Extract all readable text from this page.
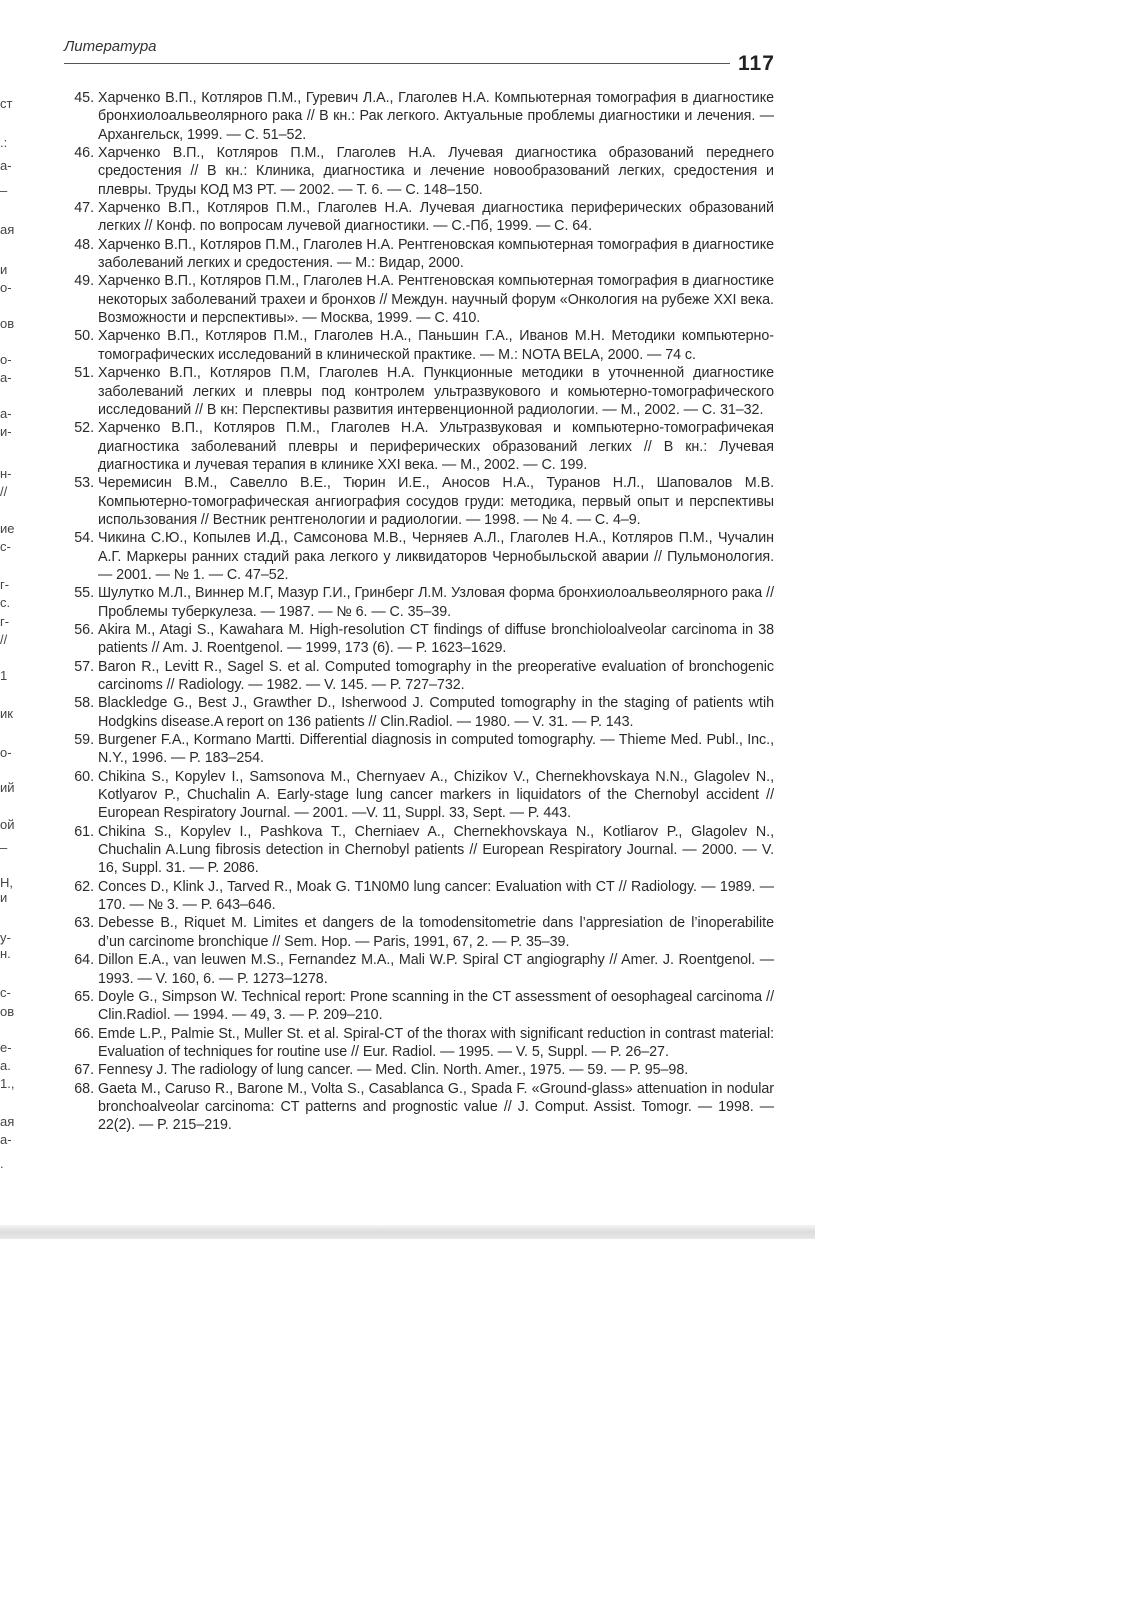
Литература
117
ст
.:
а-
–
ая
и
о-
ов
о-
а-
а-
и-
н-
//
ие
с-
г-
с.
г-
//
1
ик
о-
ий
ой
–
Н,
и
у-
н.
с-
ов
е-
а.
1.,
ая
а-
.
45. Харченко В.П., Котляров П.М., Гуревич Л.А., Глаголев Н.А. Компьютерная томография в диагностике бронхиолоальвеолярного рака // В кн.: Рак легкого. Актуальные проблемы диагностики и лечения. — Архангельск, 1999. — С. 51–52.
46. Харченко В.П., Котляров П.М., Глаголев Н.А. Лучевая диагностика образований переднего средостения // В кн.: Клиника, диагностика и лечение новообразований легких, средостения и плевры. Труды КОД МЗ РТ. — 2002. — Т. 6. — С. 148–150.
47. Харченко В.П., Котляров П.М., Глаголев Н.А. Лучевая диагностика периферических образований легких // Конф. по вопросам лучевой диагностики. — С.-Пб, 1999. — С. 64.
48. Харченко В.П., Котляров П.М., Глаголев Н.А. Рентгеновская компьютерная томография в диагностике заболеваний легких и средостения. — М.: Видар, 2000.
49. Харченко В.П., Котляров П.М., Глаголев Н.А. Рентгеновская компьютерная томография в диагностике некоторых заболеваний трахеи и бронхов // Междун. научный форум «Онкология на рубеже XXI века. Возможности и перспективы». — Москва, 1999. — С. 410.
50. Харченко В.П., Котляров П.М., Глаголев Н.А., Паньшин Г.А., Иванов М.Н. Методики компьютерно-томографических исследований в клинической практике. — М.: NOTA BELA, 2000. — 74 с.
51. Харченко В.П., Котляров П.М, Глаголев Н.А. Пункционные методики в уточненной диагностике заболеваний легких и плевры под контролем ультразвукового и комьютерно-томографического исследований // В кн: Перспективы развития интервенционной радиологии. — М., 2002. — С. 31–32.
52. Харченко В.П., Котляров П.М., Глаголев Н.А. Ультразвуковая и компьютерно-томографичекая диагностика заболеваний плевры и периферических образований легких // В кн.: Лучевая диагностика и лучевая терапия в клинике XXI века. — М., 2002. — С. 199.
53. Черемисин В.М., Савелло В.Е., Тюрин И.Е., Аносов Н.А., Туранов Н.Л., Шаповалов М.В. Компьютерно-томографическая ангиография сосудов груди: методика, первый опыт и перспективы использования // Вестник рентгенологии и радиологии. — 1998. — № 4. — С. 4–9.
54. Чикина С.Ю., Копылев И.Д., Самсонова М.В., Черняев А.Л., Глаголев Н.А., Котляров П.М., Чучалин А.Г. Маркеры ранних стадий рака легкого у ликвидаторов Чернобыльской аварии // Пульмонология. — 2001. — № 1. — С. 47–52.
55. Шулутко М.Л., Виннер М.Г, Мазур Г.И., Гринберг Л.М. Узловая форма бронхиолоальвеолярного рака // Проблемы туберкулеза. — 1987. — № 6. — С. 35–39.
56. Akira M., Atagi S., Kawahara M. High-resolution CT findings of diffuse bronchioloalveolar carcinoma in 38 patients // Am. J. Roentgenol. — 1999, 173 (6). — P. 1623–1629.
57. Baron R., Levitt R., Sagel S. et al. Computed tomography in the preoperative evaluation of bronchogenic carcinoms // Radiology. — 1982. — V. 145. — P. 727–732.
58. Blackledge G., Best J., Grawther D., Isherwood J. Computed tomography in the staging of patients wtih Hodgkins disease.A report on 136 patients // Clin.Radiol. — 1980. — V. 31. — P. 143.
59. Burgener F.A., Kormano Martti. Differential diagnosis in computed tomography. — Thieme Med. Publ., Inc., N.Y., 1996. — P. 183–254.
60. Chikina S., Kopylev I., Samsonova M., Chernyaev A., Chizikov V., Chernekhovskaya N.N., Glagolev N., Kotlyarov P., Chuchalin A. Early-stage lung cancer markers in liquidators of the Chernobyl accident // European Respiratory Journal. — 2001. —V. 11, Suppl. 33, Sept. — P. 443.
61. Chikina S., Kopylev I., Pashkova T., Cherniaev A., Chernekhovskaya N., Kotliarov P., Glagolev N., Chuchalin A.Lung fibrosis detection in Chernobyl patients // European Respiratory Journal. — 2000. — V. 16, Suppl. 31. — P. 2086.
62. Conces D., Klink J., Tarved R., Moak G. T1N0M0 lung cancer: Evaluation with CT // Radiology. — 1989. — 170. — № 3. — P. 643–646.
63. Debesse B., Riquet M. Limites et dangers de la tomodensitometrie dans l’appresiation de l’inoperabilite d’un carcinome bronchique // Sem. Hop. — Paris, 1991, 67, 2. — P. 35–39.
64. Dillon E.A., van leuwen M.S., Fernandez M.A., Mali W.P. Spiral CT angiography // Amer. J. Roentgenol. — 1993. — V. 160, 6. — P. 1273–1278.
65. Doyle G., Simpson W. Technical report: Prone scanning in the CT assessment of oesophageal carcinoma // Clin.Radiol. — 1994. — 49, 3. — P. 209–210.
66. Emde L.P., Palmie St., Muller St. et al. Spiral-CT of the thorax with significant reduction in contrast material: Evaluation of techniques for routine use // Eur. Radiol. — 1995. — V. 5, Suppl. — P. 26–27.
67. Fennesy J. The radiology of lung cancer. — Med. Clin. North. Amer., 1975. — 59. — P. 95–98.
68. Gaeta M., Caruso R., Barone M., Volta S., Casablanca G., Spada F. «Ground-glass» attenuation in nodular bronchoalveolar carcinoma: CT patterns and prognostic value // J. Comput. Assist. Tomogr. — 1998. — 22(2). — P. 215–219.
